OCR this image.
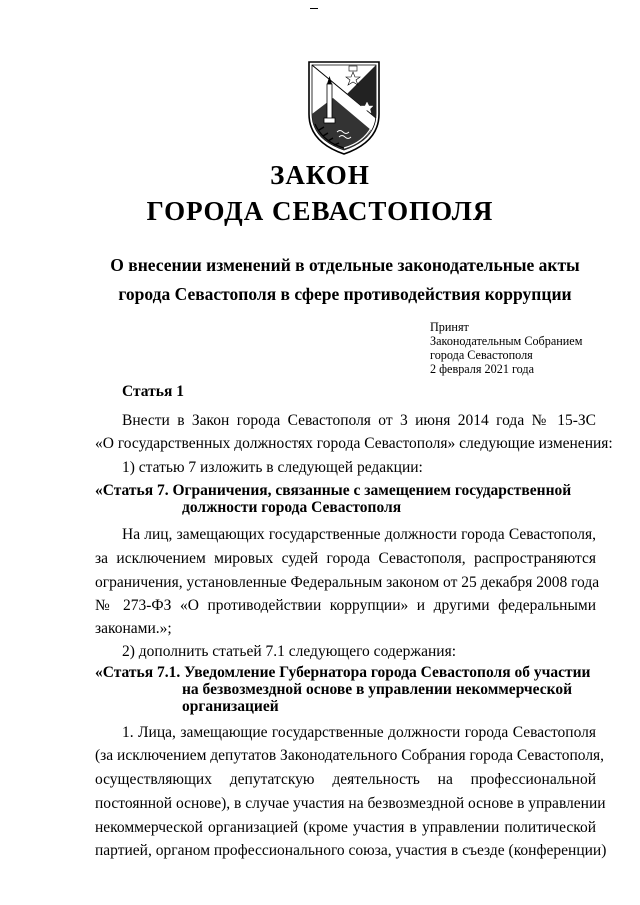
ЗАКОН
ГОРОДА СЕВАСТОПОЛЯ
О внесении изменений в отдельные законодательные акты
города Севастополя в сфере противодействия коррупции
Принят
Законодательным Собранием
города Севастополя
2 февраля 2021 года
Статья 1
Внести в Закон города Севастополя от 3 июня 2014 года № 15-ЗС
«О государственных должностях города Севастополя» следующие изменения:
1) статью 7 изложить в следующей редакции:
«Статья 7. Ограничения, связанные с замещением государственной
должности города Севастополя
На лиц, замещающих государственные должности города Севастополя,
за исключением мировых судей города Севастополя, распространяются
ограничения, установленные Федеральным законом от 25 декабря 2008 года
№ 273-ФЗ «О противодействии коррупции» и другими федеральными
законами.»;
2) дополнить статьей 7.1 следующего содержания:
«Статья 7.1. Уведомление Губернатора города Севастополя об участии
на безвозмездной основе в управлении некоммерческой
организацией
1. Лица, замещающие государственные должности города Севастополя
(за исключением депутатов Законодательного Собрания города Севастополя,
осуществляющих депутатскую деятельность на профессиональной
постоянной основе), в случае участия на безвозмездной основе в управлении
некоммерческой организацией (кроме участия в управлении политической
партией, органом профессионального союза, участия в съезде (конференции)
